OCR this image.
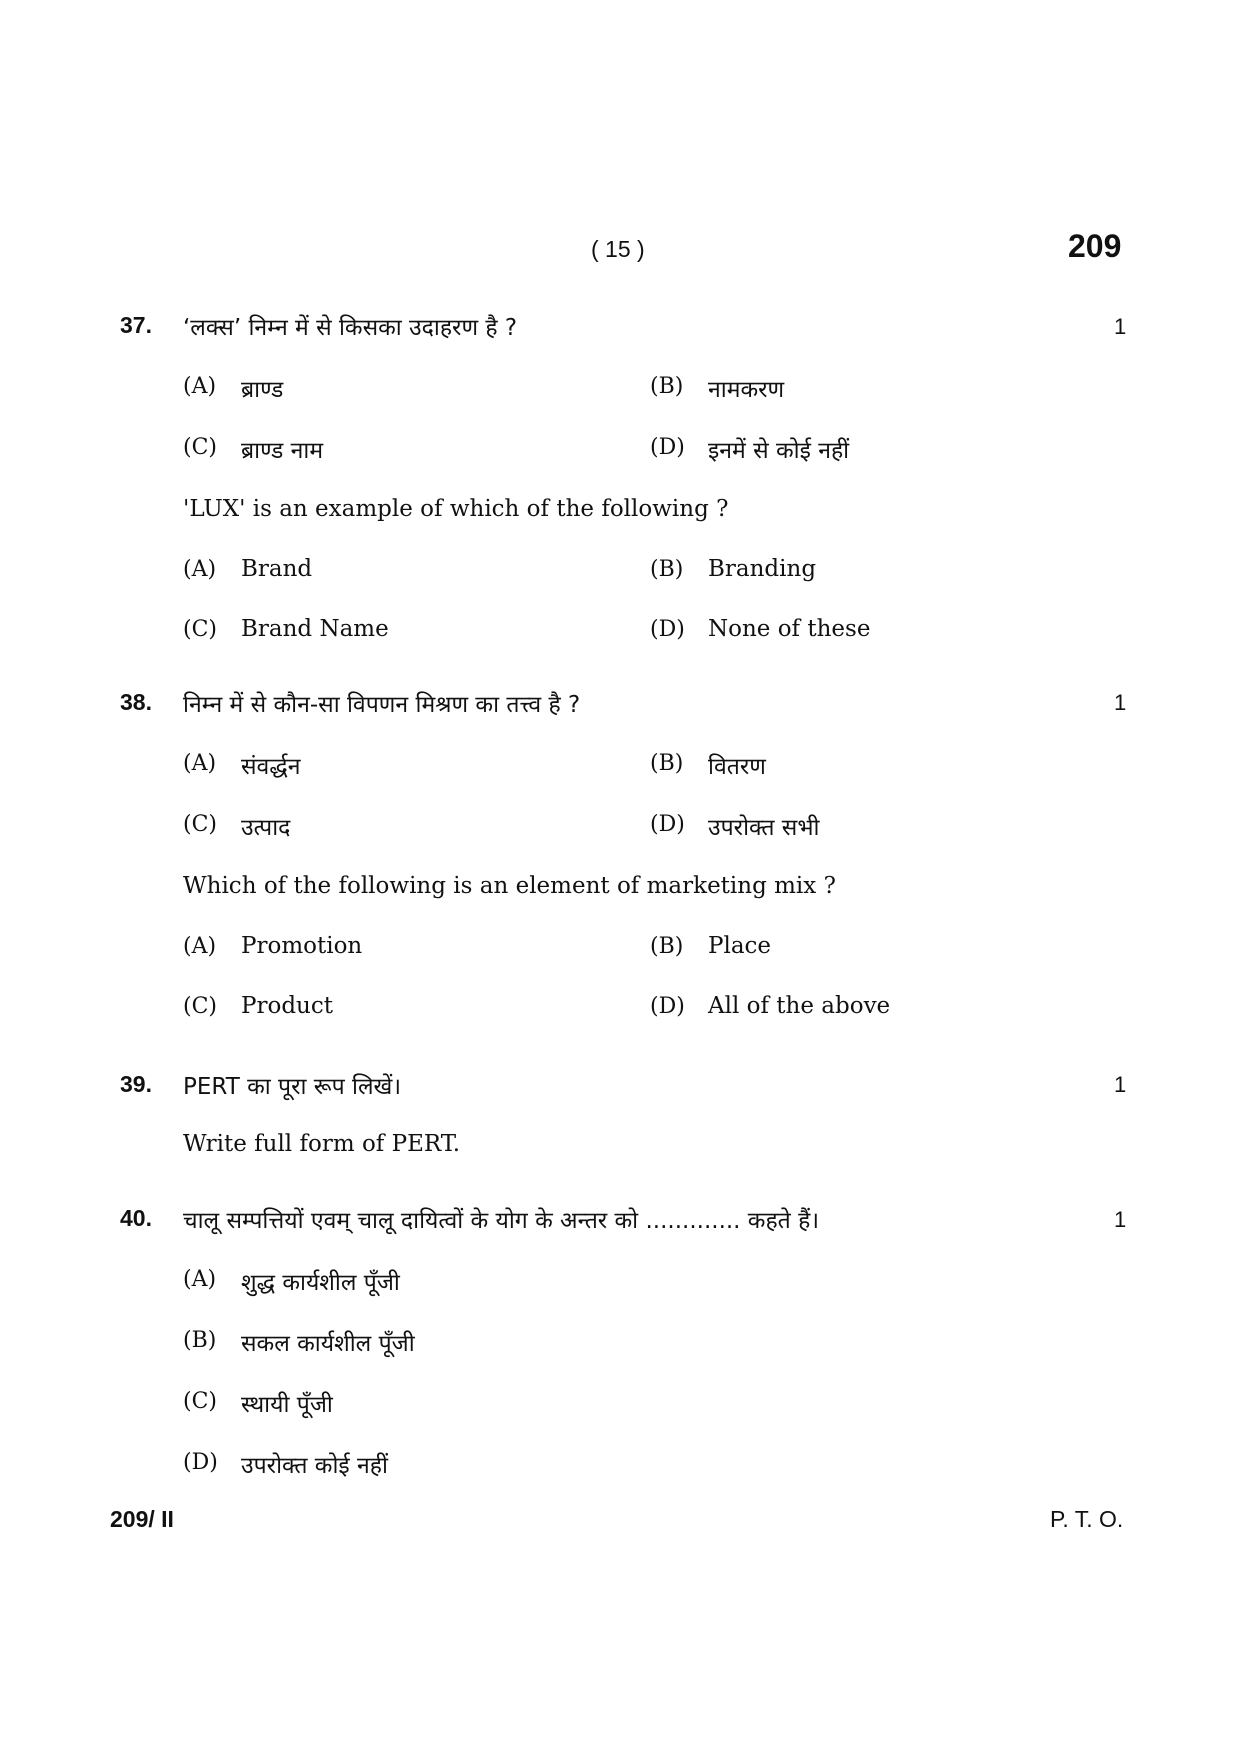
( 15 )	209
37. ‘लक्स’ निम्न में से किसका उदाहरण है ?	1
(A) ब्राण्ड	(B) नामकरण
(C) ब्राण्ड नाम	(D) इनमें से कोई नहीं
'LUX' is an example of which of the following ?
(A) Brand	(B) Branding
(C) Brand Name	(D) None of these
38. निम्न में से कौन-सा विपणन मिश्रण का तत्त्व है ?	1
(A) संवर्द्धन	(B) वितरण
(C) उत्पाद	(D) उपरोक्त सभी
Which of the following is an element of marketing mix ?
(A) Promotion	(B) Place
(C) Product	(D) All of the above
39. PERT का पूरा रूप लिखें।	1
Write full form of PERT.
40. चालू सम्पत्तियों एवम् चालू दायित्वों के योग के अन्तर को ............. कहते हैं।	1
(A) शुद्ध कार्यशील पूँजी
(B) सकल कार्यशील पूँजी
(C) स्थायी पूँजी
(D) उपरोक्त कोई नहीं
209/ II	P. T. O.
